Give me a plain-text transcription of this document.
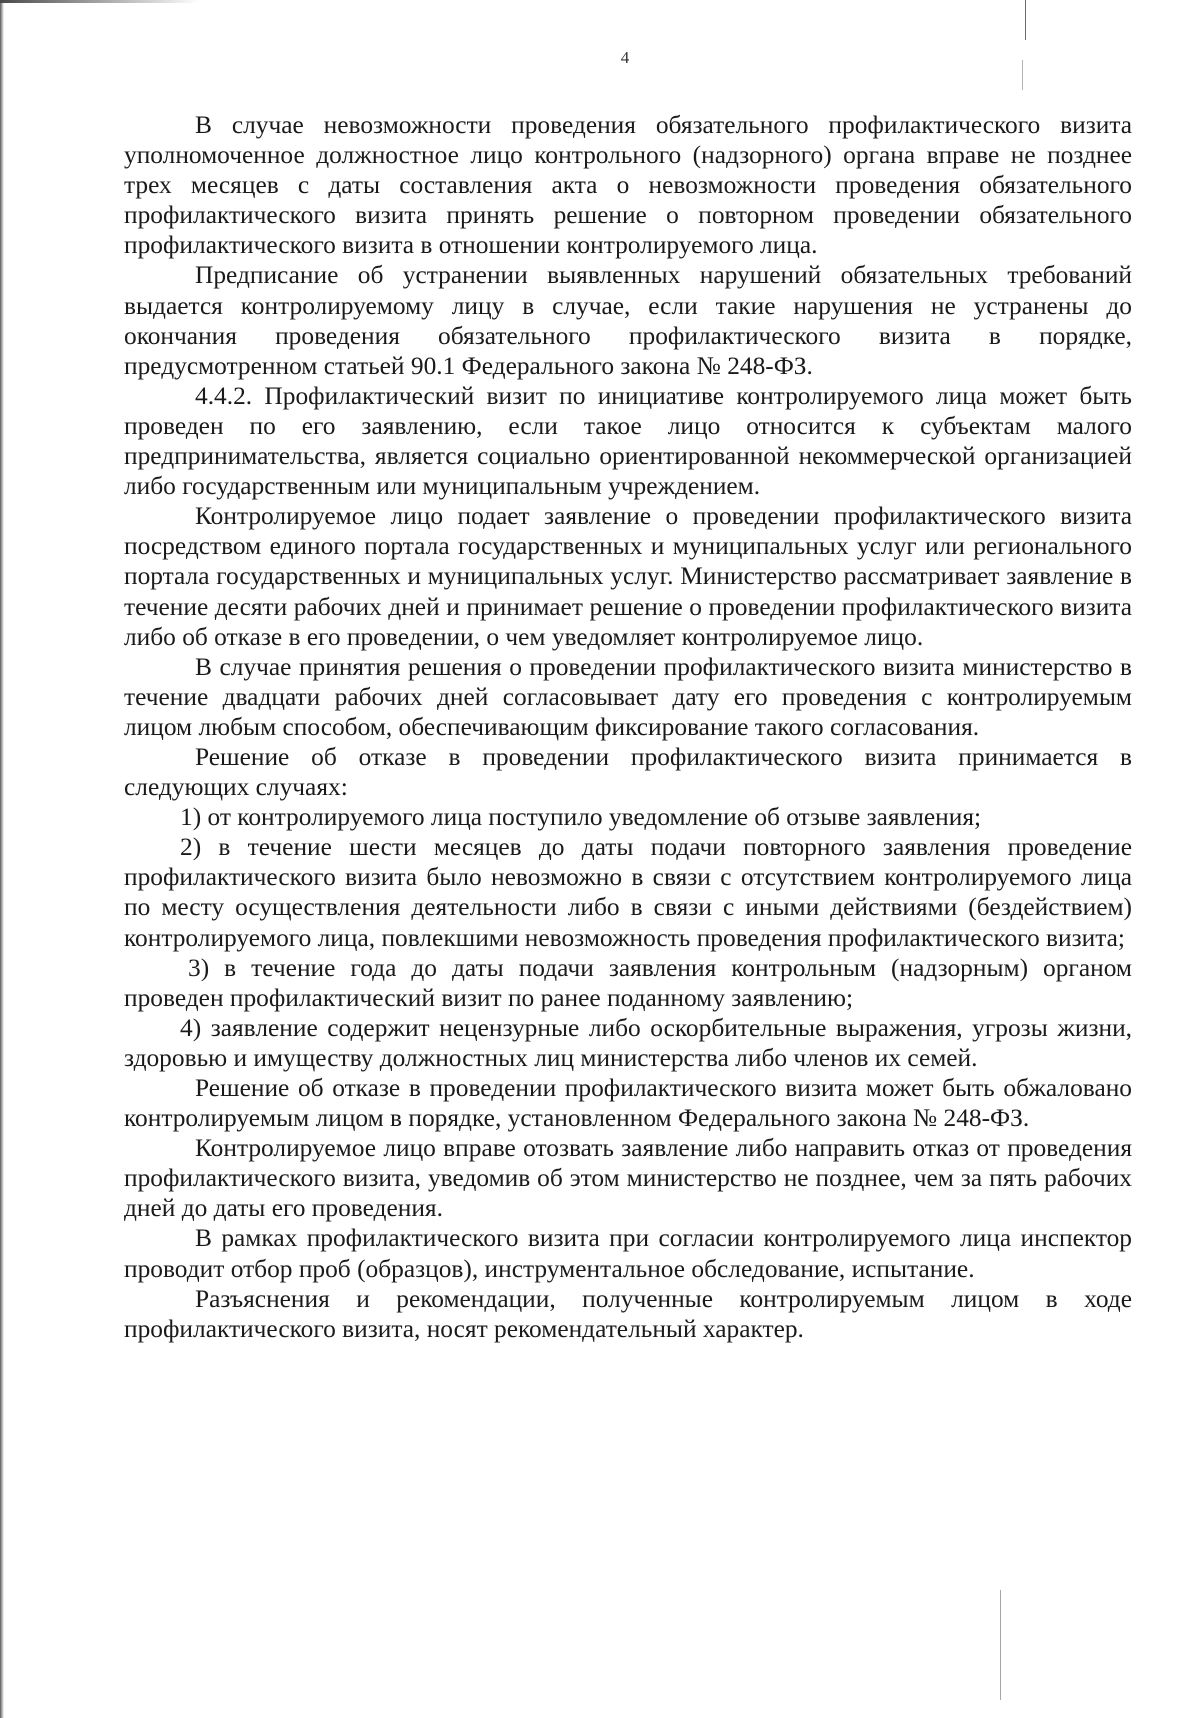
4

В случае невозможности проведения обязательного профилактического визита уполномоченное должностное лицо контрольного (надзорного) органа вправе не позднее трех месяцев с даты составления акта о невозможности проведения обязательного профилактического визита принять решение о повторном проведении обязательного профилактического визита в отношении контролируемого лица.

Предписание об устранении выявленных нарушений обязательных требований выдается контролируемому лицу в случае, если такие нарушения не устранены до окончания проведения обязательного профилактического визита в порядке, предусмотренном статьей 90.1 Федерального закона № 248-ФЗ.

4.4.2. Профилактический визит по инициативе контролируемого лица может быть проведен по его заявлению, если такое лицо относится к субъектам малого предпринимательства, является социально ориентированной некоммерческой организацией либо государственным или муниципальным учреждением.

Контролируемое лицо подает заявление о проведении профилактического визита посредством единого портала государственных и муниципальных услуг или регионального портала государственных и муниципальных услуг. Министерство рассматривает заявление в течение десяти рабочих дней и принимает решение о проведении профилактического визита либо об отказе в его проведении, о чем уведомляет контролируемое лицо.

В случае принятия решения о проведении профилактического визита министерство в течение двадцати рабочих дней согласовывает дату его проведения с контролируемым лицом любым способом, обеспечивающим фиксирование такого согласования.

Решение об отказе в проведении профилактического визита принимается в следующих случаях:

1) от контролируемого лица поступило уведомление об отзыве заявления;

2) в течение шести месяцев до даты подачи повторного заявления проведение профилактического визита было невозможно в связи с отсутствием контролируемого лица по месту осуществления деятельности либо в связи с иными действиями (бездействием) контролируемого лица, повлекшими невозможность проведения профилактического визита;

3) в течение года до даты подачи заявления контрольным (надзорным) органом проведен профилактический визит по ранее поданному заявлению;

4) заявление содержит нецензурные либо оскорбительные выражения, угрозы жизни, здоровью и имуществу должностных лиц министерства либо членов их семей.

Решение об отказе в проведении профилактического визита может быть обжаловано контролируемым лицом в порядке, установленном Федерального закона № 248-ФЗ.

Контролируемое лицо вправе отозвать заявление либо направить отказ от проведения профилактического визита, уведомив об этом министерство не позднее, чем за пять рабочих дней до даты его проведения.

В рамках профилактического визита при согласии контролируемого лица инспектор проводит отбор проб (образцов), инструментальное обследование, испытание.

Разъяснения и рекомендации, полученные контролируемым лицом в ходе профилактического визита, носят рекомендательный характер.
